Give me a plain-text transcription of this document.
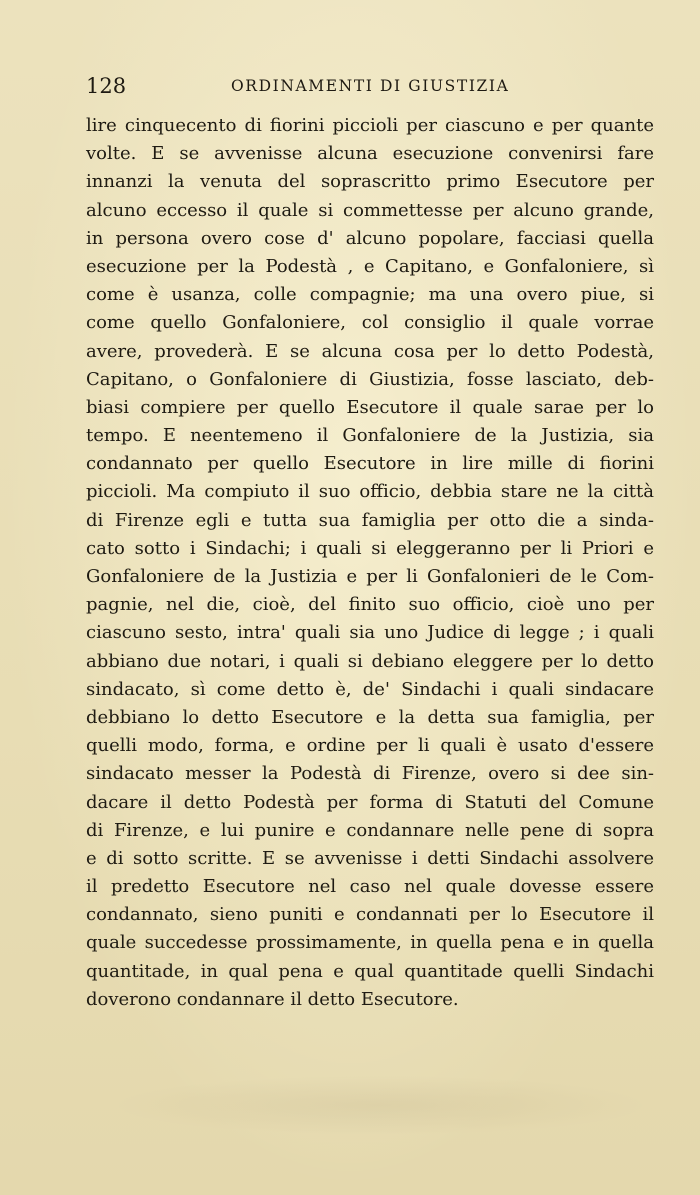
128	ORDINAMENTI DI GIUSTIZIA
lire cinquecento di fiorini piccioli per ciascuno e per quante
volte. E se avvenisse alcuna esecuzione convenirsi fare
innanzi la venuta del soprascritto primo Esecutore per
alcuno eccesso il quale si commettesse per alcuno grande,
in persona overo cose d' alcuno popolare, facciasi quella
esecuzione per la Podestà , e Capitano, e Gonfaloniere, sì
come è usanza, colle compagnie; ma una overo piue, si
come quello Gonfaloniere, col consiglio il quale vorrae
avere, provederà. E se alcuna cosa per lo detto Podestà,
Capitano, o Gonfaloniere di Giustizia, fosse lasciato, deb-
biasi compiere per quello Esecutore il quale sarae per lo
tempo. E neentemeno il Gonfaloniere de la Justizia, sia
condannato per quello Esecutore in lire mille di fiorini
piccioli. Ma compiuto il suo officio, debbia stare ne la città
di Firenze egli e tutta sua famiglia per otto die a sinda-
cato sotto i Sindachi; i quali si eleggeranno per li Priori e
Gonfaloniere de la Justizia e per li Gonfalonieri de le Com-
pagnie, nel die, cioè, del finito suo officio, cioè uno per
ciascuno sesto, intra' quali sia uno Judice di legge ; i quali
abbiano due notari, i quali si debiano eleggere per lo detto
sindacato, sì come detto è, de' Sindachi i quali sindacare
debbiano lo detto Esecutore e la detta sua famiglia, per
quelli modo, forma, e ordine per li quali è usato d'essere
sindacato messer la Podestà di Firenze, overo si dee sin-
dacare il detto Podestà per forma di Statuti del Comune
di Firenze, e lui punire e condannare nelle pene di sopra
e di sotto scritte. E se avvenisse i detti Sindachi assolvere
il predetto Esecutore nel caso nel quale dovesse essere
condannato, sieno puniti e condannati per lo Esecutore il
quale succedesse prossimamente, in quella pena e in quella
quantitade, in qual pena e qual quantitade quelli Sindachi
doverono condannare il detto Esecutore.
